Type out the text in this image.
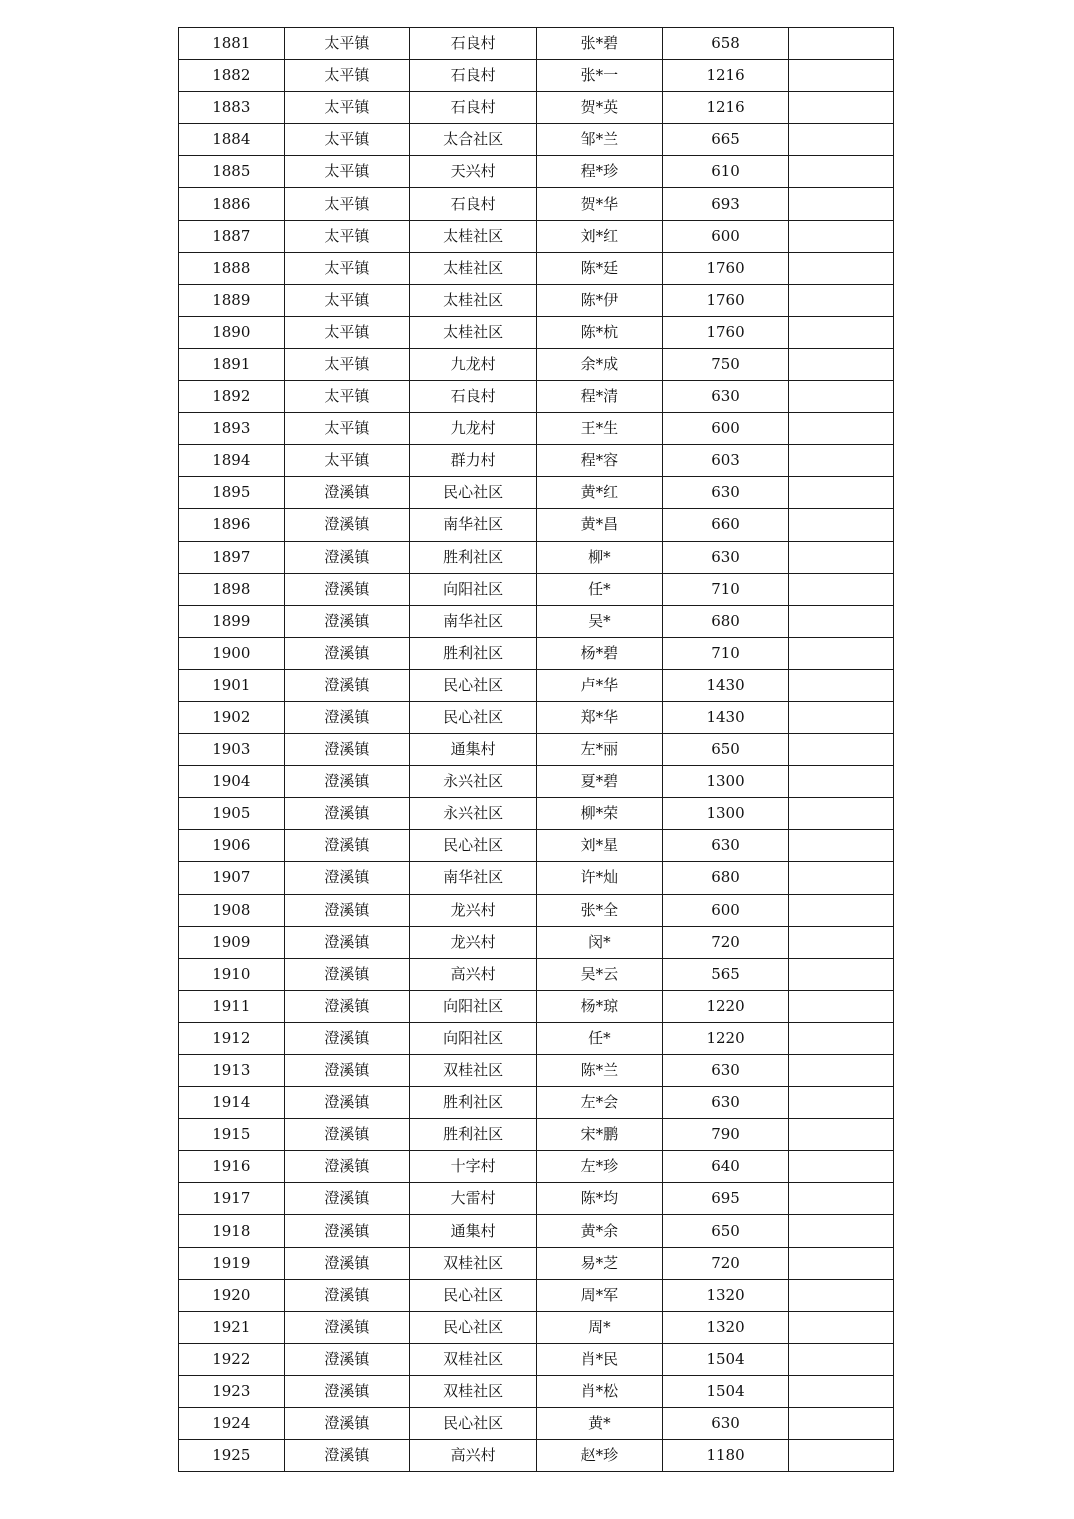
1881	太平镇	石良村	张*碧	658	
1882	太平镇	石良村	张*一	1216	
1883	太平镇	石良村	贺*英	1216	
1884	太平镇	太合社区	邹*兰	665	
1885	太平镇	天兴村	程*珍	610	
1886	太平镇	石良村	贺*华	693	
1887	太平镇	太桂社区	刘*红	600	
1888	太平镇	太桂社区	陈*廷	1760	
1889	太平镇	太桂社区	陈*伊	1760	
1890	太平镇	太桂社区	陈*杭	1760	
1891	太平镇	九龙村	余*成	750	
1892	太平镇	石良村	程*清	630	
1893	太平镇	九龙村	王*生	600	
1894	太平镇	群力村	程*容	603	
1895	澄溪镇	民心社区	黄*红	630	
1896	澄溪镇	南华社区	黄*昌	660	
1897	澄溪镇	胜利社区	柳*	630	
1898	澄溪镇	向阳社区	任*	710	
1899	澄溪镇	南华社区	吴*	680	
1900	澄溪镇	胜利社区	杨*碧	710	
1901	澄溪镇	民心社区	卢*华	1430	
1902	澄溪镇	民心社区	郑*华	1430	
1903	澄溪镇	通集村	左*丽	650	
1904	澄溪镇	永兴社区	夏*碧	1300	
1905	澄溪镇	永兴社区	柳*荣	1300	
1906	澄溪镇	民心社区	刘*星	630	
1907	澄溪镇	南华社区	许*灿	680	
1908	澄溪镇	龙兴村	张*全	600	
1909	澄溪镇	龙兴村	闵*	720	
1910	澄溪镇	高兴村	吴*云	565	
1911	澄溪镇	向阳社区	杨*琼	1220	
1912	澄溪镇	向阳社区	任*	1220	
1913	澄溪镇	双桂社区	陈*兰	630	
1914	澄溪镇	胜利社区	左*会	630	
1915	澄溪镇	胜利社区	宋*鹏	790	
1916	澄溪镇	十字村	左*珍	640	
1917	澄溪镇	大雷村	陈*均	695	
1918	澄溪镇	通集村	黄*余	650	
1919	澄溪镇	双桂社区	易*芝	720	
1920	澄溪镇	民心社区	周*军	1320	
1921	澄溪镇	民心社区	周*	1320	
1922	澄溪镇	双桂社区	肖*民	1504	
1923	澄溪镇	双桂社区	肖*松	1504	
1924	澄溪镇	民心社区	黄*	630	
1925	澄溪镇	高兴村	赵*珍	1180	
